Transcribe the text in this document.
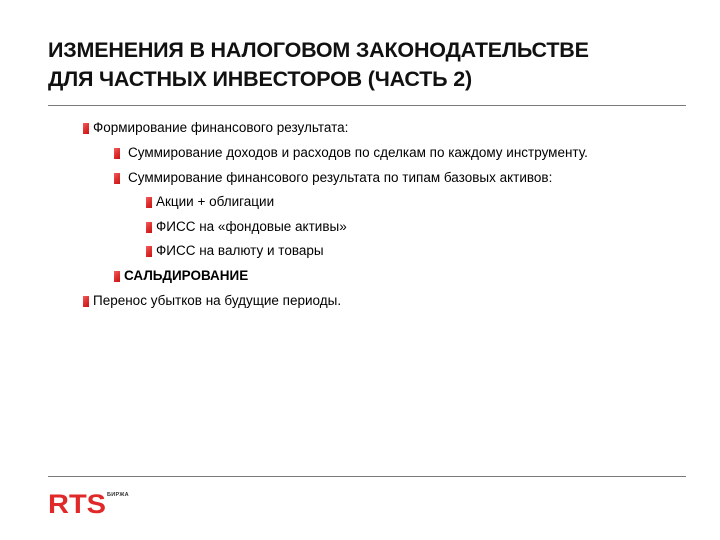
ИЗМЕНЕНИЯ В НАЛОГОВОМ ЗАКОНОДАТЕЛЬСТВЕ
ДЛЯ ЧАСТНЫХ ИНВЕСТОРОВ (ЧАСТЬ 2)
Формирование финансового результата:
Суммирование доходов и расходов по сделкам по каждому инструменту.
Суммирование финансового результата по типам базовых активов:
Акции + облигации
ФИСС на «фондовые активы»
ФИСС на валюту и товары
САЛЬДИРОВАНИЕ
Перенос убытков на будущие периоды.
RTS БИРЖА
